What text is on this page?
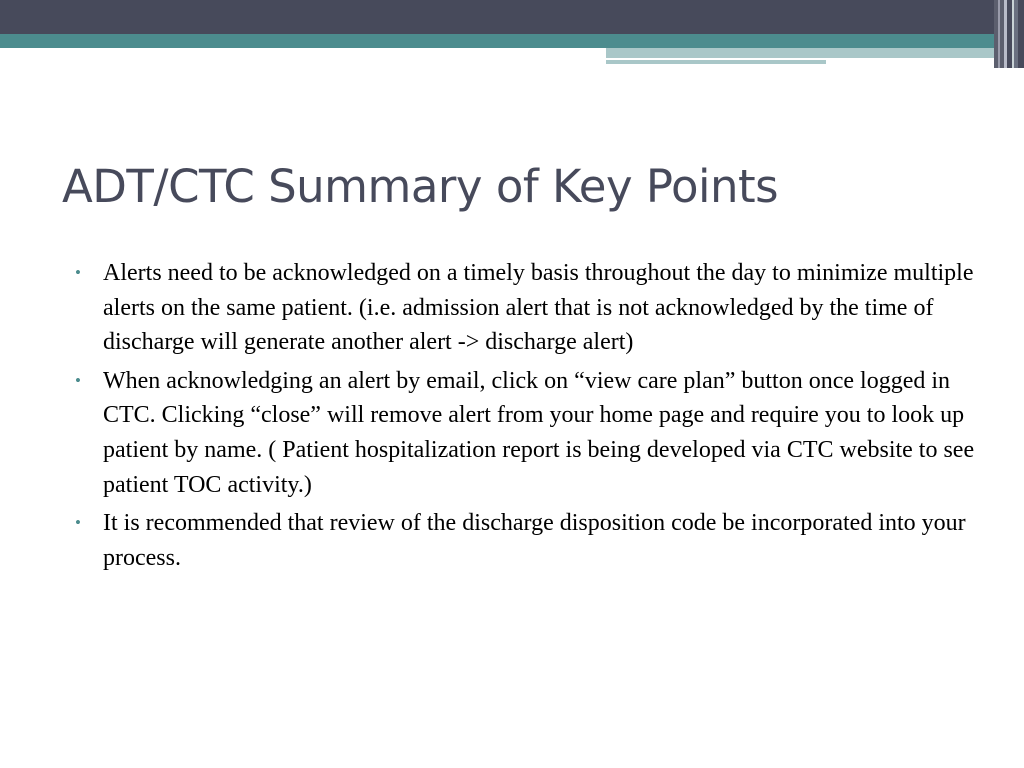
ADT/CTC Summary of Key Points
• Alerts need to be acknowledged on a timely basis throughout the day to minimize multiple alerts on the same patient. (i.e. admission alert that is not acknowledged by the time of discharge will generate another alert -> discharge alert)
• When acknowledging an alert by email, click on “view care plan” button once logged in CTC. Clicking “close” will remove alert from your home page and require you to look up patient by name. ( Patient hospitalization report is being developed via CTC website to see patient TOC activity.)
• It is recommended that review of the discharge disposition code be incorporated into your process.
